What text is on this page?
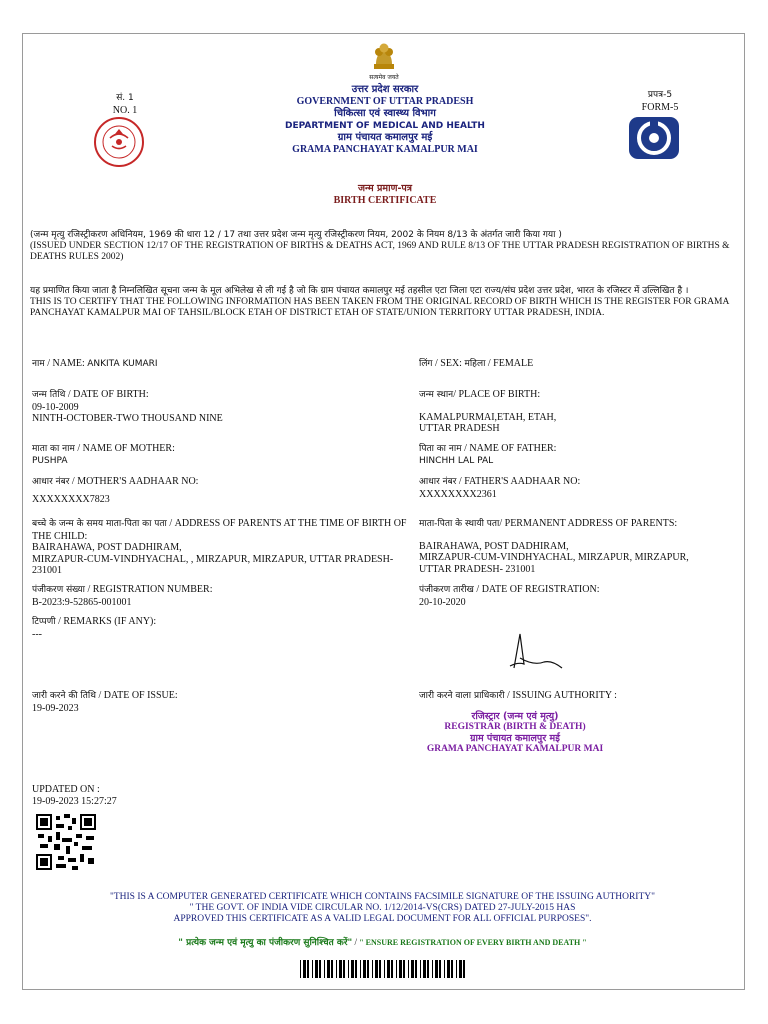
सं. 1
NO. 1
सत्यमेव जयते
उत्तर प्रदेश सरकार
GOVERNMENT OF UTTAR PRADESH
चिकित्सा एवं स्वास्थ्य विभाग
DEPARTMENT OF MEDICAL AND HEALTH
ग्राम पंचायत कमालपुर मई
GRAMA PANCHAYAT KAMALPUR MAI
जन्म प्रमाण-पत्र
BIRTH CERTIFICATE
प्रपत्र-5
FORM-5
(जन्म मृत्यु रजिस्ट्रीकरण अधिनियम, 1969 की धारा 12 / 17 तथा उत्तर प्रदेश जन्म मृत्यु रजिस्ट्रीकरण नियम, 2002 के नियम 8/13 के अंतर्गत जारी किया गया )
(ISSUED UNDER SECTION 12/17 OF THE REGISTRATION OF BIRTHS & DEATHS ACT, 1969 AND RULE 8/13 OF THE UTTAR PRADESH REGISTRATION OF BIRTHS & DEATHS RULES 2002)
यह प्रमाणित किया जाता है निम्नलिखित सूचना जन्म के मूल अभिलेख से ली गई है जो कि ग्राम पंचायत कमालपुर मई तहसील एटा जिला एटा राज्य/संघ प्रदेश उत्तर प्रदेश, भारत के रजिस्टर में उल्लिखित है ।
THIS IS TO CERTIFY THAT THE FOLLOWING INFORMATION HAS BEEN TAKEN FROM THE ORIGINAL RECORD OF BIRTH WHICH IS THE REGISTER FOR GRAMA PANCHAYAT KAMALPUR MAI OF TAHSIL/BLOCK ETAH OF DISTRICT ETAH OF STATE/UNION TERRITORY UTTAR PRADESH, INDIA.
नाम / NAME: ANKITA KUMARI
जन्म तिथि / DATE OF BIRTH:
09-10-2009
NINTH-OCTOBER-TWO THOUSAND NINE
माता का नाम / NAME OF MOTHER:
PUSHPA
आधार नंबर / MOTHER'S AADHAAR NO:
XXXXXXXX7823
बच्चे के जन्म के समय माता-पिता का पता / ADDRESS OF PARENTS AT THE TIME OF BIRTH OF THE CHILD:
BAIRAHAWA, POST DADHIRAM,
MIRZAPUR-CUM-VINDHYACHAL, , MIRZAPUR, MIRZAPUR, UTTAR PRADESH-
231001
पंजीकरण संख्या / REGISTRATION NUMBER:
B-2023:9-52865-001001
टिप्पणी / REMARKS (IF ANY):
---
जारी करने की तिथि / DATE OF ISSUE:
19-09-2023
लिंग / SEX: महिला / FEMALE
जन्म स्थान/ PLACE OF BIRTH:
KAMALPURMAI,ETAH, ETAH,
UTTAR PRADESH
पिता का नाम / NAME OF FATHER:
HINCHH LAL PAL
आधार नंबर / FATHER'S AADHAAR NO:
XXXXXXXX2361
माता-पिता के स्थायी पता/ PERMANENT ADDRESS OF PARENTS:
BAIRAHAWA, POST DADHIRAM,
MIRZAPUR-CUM-VINDHYACHAL, MIRZAPUR, MIRZAPUR,
UTTAR PRADESH- 231001
पंजीकरण तारीख / DATE OF REGISTRATION:
20-10-2020
जारी करने वाला प्राधिकारी / ISSUING AUTHORITY :
रजिस्ट्रार (जन्म एवं मृत्यु)
REGISTRAR (BIRTH & DEATH)
ग्राम पंचायत कमालपुर मई
GRAMA PANCHAYAT KAMALPUR MAI
UPDATED ON :
19-09-2023 15:27:27
"THIS IS A COMPUTER GENERATED CERTIFICATE WHICH CONTAINS FACSIMILE SIGNATURE OF THE ISSUING AUTHORITY"
" THE GOVT. OF INDIA VIDE CIRCULAR NO. 1/12/2014-VS(CRS) DATED 27-JULY-2015 HAS
APPROVED THIS CERTIFICATE AS A VALID LEGAL DOCUMENT FOR ALL OFFICIAL PURPOSES".
" प्रत्येक जन्म एवं मृत्यु का पंजीकरण सुनिश्चित करें" / " ENSURE REGISTRATION OF EVERY BIRTH AND DEATH "
